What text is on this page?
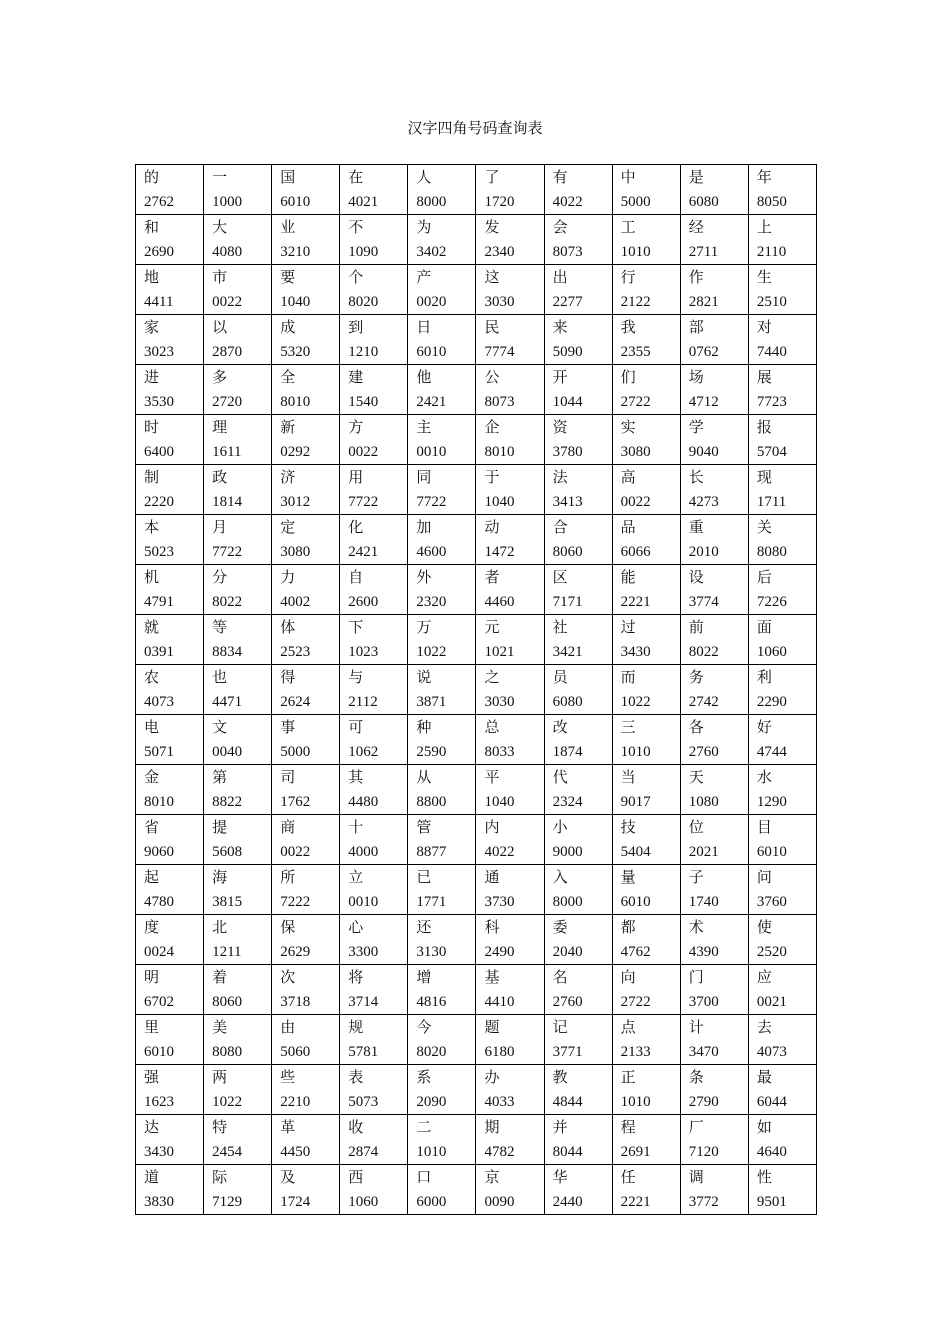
汉字四角号码查询表
的
2762	一
1000	国
6010	在
4021	人
8000	了
1720	有
4022	中
5000	是
6080	年
8050

和
2690	大
4080	业
3210	不
1090	为
3402	发
2340	会
8073	工
1010	经
2711	上
2110

地
4411	市
0022	要
1040	个
8020	产
0020	这
3030	出
2277	行
2122	作
2821	生
2510

家
3023	以
2870	成
5320	到
1210	日
6010	民
7774	来
5090	我
2355	部
0762	对
7440

进
3530	多
2720	全
8010	建
1540	他
2421	公
8073	开
1044	们
2722	场
4712	展
7723

时
6400	理
1611	新
0292	方
0022	主
0010	企
8010	资
3780	实
3080	学
9040	报
5704

制
2220	政
1814	济
3012	用
7722	同
7722	于
1040	法
3413	高
0022	长
4273	现
1711

本
5023	月
7722	定
3080	化
2421	加
4600	动
1472	合
8060	品
6066	重
2010	关
8080

机
4791	分
8022	力
4002	自
2600	外
2320	者
4460	区
7171	能
2221	设
3774	后
7226

就
0391	等
8834	体
2523	下
1023	万
1022	元
1021	社
3421	过
3430	前
8022	面
1060

农
4073	也
4471	得
2624	与
2112	说
3871	之
3030	员
6080	而
1022	务
2742	利
2290

电
5071	文
0040	事
5000	可
1062	种
2590	总
8033	改
1874	三
1010	各
2760	好
4744

金
8010	第
8822	司
1762	其
4480	从
8800	平
1040	代
2324	当
9017	天
1080	水
1290

省
9060	提
5608	商
0022	十
4000	管
8877	内
4022	小
9000	技
5404	位
2021	目
6010

起
4780	海
3815	所
7222	立
0010	已
1771	通
3730	入
8000	量
6010	子
1740	问
3760

度
0024	北
1211	保
2629	心
3300	还
3130	科
2490	委
2040	都
4762	术
4390	使
2520

明
6702	着
8060	次
3718	将
3714	增
4816	基
4410	名
2760	向
2722	门
3700	应
0021

里
6010	美
8080	由
5060	规
5781	今
8020	题
6180	记
3771	点
2133	计
3470	去
4073

强
1623	两
1022	些
2210	表
5073	系
2090	办
4033	教
4844	正
1010	条
2790	最
6044

达
3430	特
2454	革
4450	收
2874	二
1010	期
4782	并
8044	程
2691	厂
7120	如
4640

道
3830	际
7129	及
1724	西
1060	口
6000	京
0090	华
2440	任
2221	调
3772	性
9501
